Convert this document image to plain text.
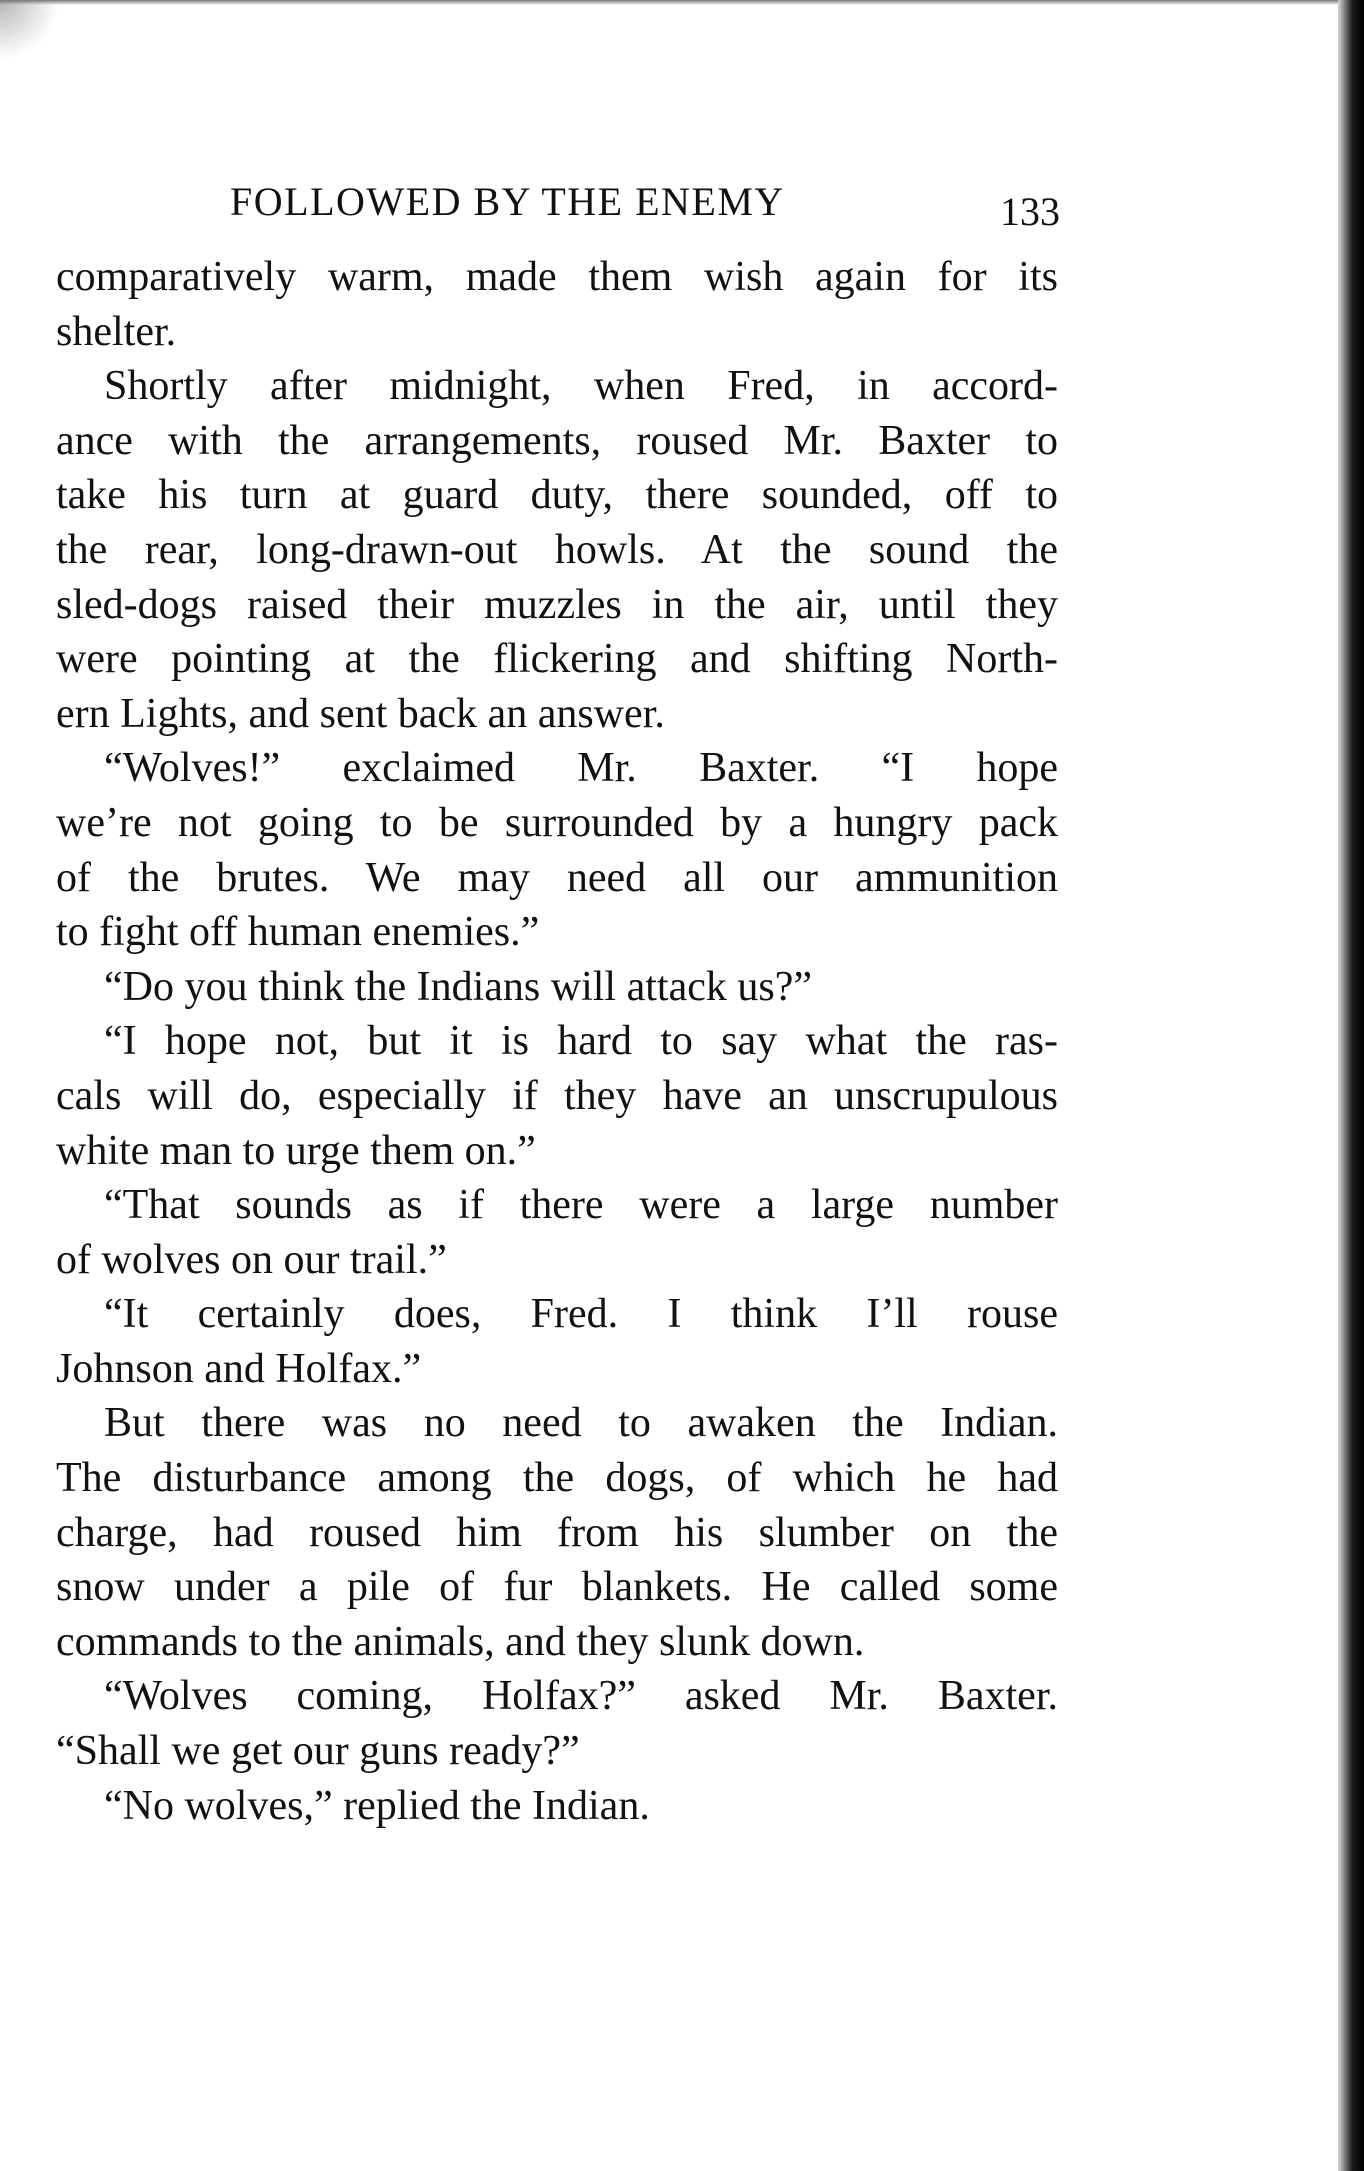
FOLLOWED BY THE ENEMY	133
comparatively warm, made them wish again for its
shelter.
Shortly after midnight, when Fred, in accord-
ance with the arrangements, roused Mr. Baxter to
take his turn at guard duty, there sounded, off to
the rear, long-drawn-out howls. At the sound the
sled-dogs raised their muzzles in the air, until they
were pointing at the flickering and shifting North-
ern Lights, and sent back an answer.
“Wolves!” exclaimed Mr. Baxter. “I hope
we’re not going to be surrounded by a hungry pack
of the brutes. We may need all our ammunition
to fight off human enemies.”
“Do you think the Indians will attack us?”
“I hope not, but it is hard to say what the ras-
cals will do, especially if they have an unscrupulous
white man to urge them on.”
“That sounds as if there were a large number
of wolves on our trail.”
“It certainly does, Fred. I think I’ll rouse
Johnson and Holfax.”
But there was no need to awaken the Indian.
The disturbance among the dogs, of which he had
charge, had roused him from his slumber on the
snow under a pile of fur blankets. He called some
commands to the animals, and they slunk down.
“Wolves coming, Holfax?” asked Mr. Baxter.
“Shall we get our guns ready?”
“No wolves,” replied the Indian.
